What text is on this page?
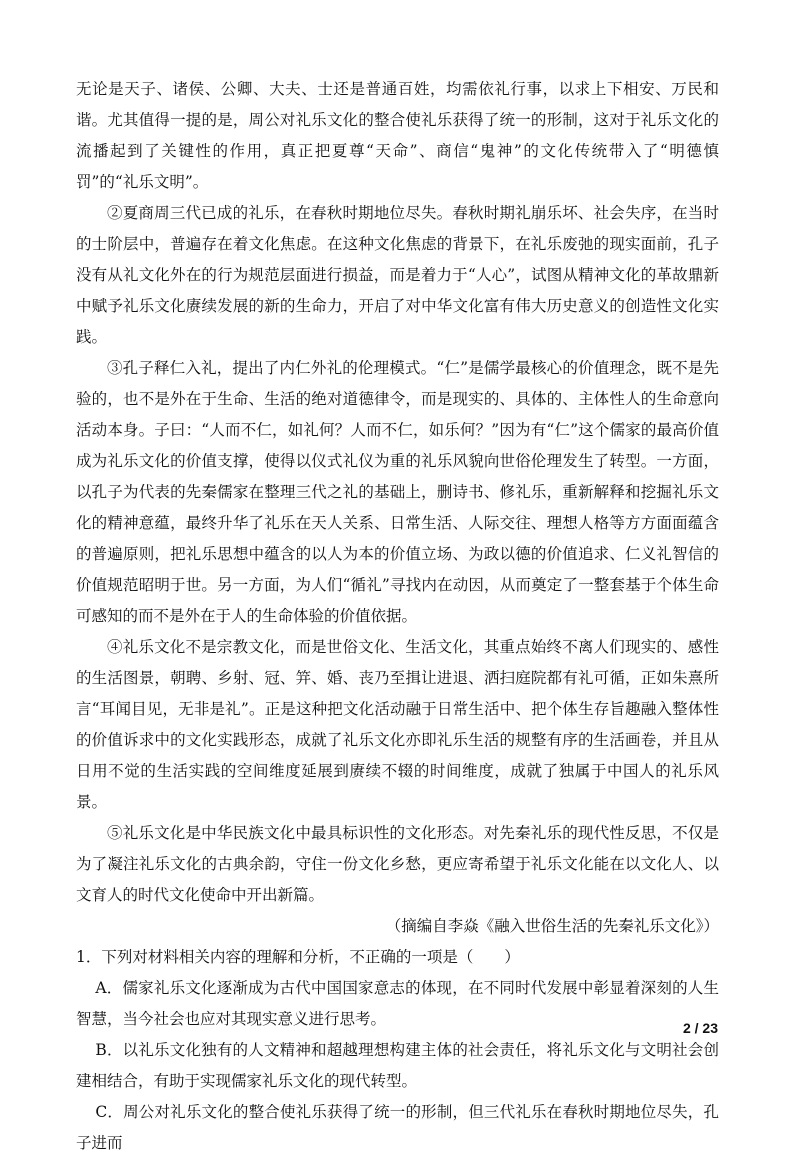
无论是天子、诸侯、公卿、大夫、士还是普通百姓，均需依礼行事，以求上下相安、万民和谐。尤其值得一提的是，周公对礼乐文化的整合使礼乐获得了统一的形制，这对于礼乐文化的流播起到了关键性的作用，真正把夏尊“天命”、商信“鬼神”的文化传统带入了“明德慎罚”的“礼乐文明”。

②夏商周三代已成的礼乐，在春秋时期地位尽失。春秋时期礼崩乐坏、社会失序，在当时的士阶层中，普遍存在着文化焦虑。在这种文化焦虑的背景下，在礼乐废弛的现实面前，孔子没有从礼文化外在的行为规范层面进行损益，而是着力于“人心”，试图从精神文化的革故鼎新中赋予礼乐文化赓续发展的新的生命力，开启了对中华文化富有伟大历史意义的创造性文化实践。

③孔子释仁入礼，提出了内仁外礼的伦理模式。“仁”是儒学最核心的价值理念，既不是先验的，也不是外在于生命、生活的绝对道德律令，而是现实的、具体的、主体性人的生命意向活动本身。子曰：“人而不仁，如礼何？人而不仁，如乐何？”因为有“仁”这个儒家的最高价值成为礼乐文化的价值支撑，使得以仪式礼仪为重的礼乐风貌向世俗伦理发生了转型。一方面，以孔子为代表的先秦儒家在整理三代之礼的基础上，删诗书、修礼乐，重新解释和挖掘礼乐文化的精神意蕴，最终升华了礼乐在天人关系、日常生活、人际交往、理想人格等方方面面蕴含的普遍原则，把礼乐思想中蕴含的以人为本的价值立场、为政以德的价值追求、仁义礼智信的价值规范昭明于世。另一方面，为人们“循礼”寻找内在动因，从而奠定了一整套基于个体生命可感知的而不是外在于人的生命体验的价值依据。

④礼乐文化不是宗教文化，而是世俗文化、生活文化，其重点始终不离人们现实的、感性的生活图景，朝聘、乡射、冠、笄、婚、丧乃至揖让进退、洒扫庭院都有礼可循，正如朱熹所言“耳闻目见，无非是礼”。正是这种把文化活动融于日常生活中、把个体生存旨趣融入整体性的价值诉求中的文化实践形态，成就了礼乐文化亦即礼乐生活的规整有序的生活画卷，并且从日用不觉的生活实践的空间维度延展到赓续不辍的时间维度，成就了独属于中国人的礼乐风景。

⑤礼乐文化是中华民族文化中最具标识性的文化形态。对先秦礼乐的现代性反思，不仅是为了凝注礼乐文化的古典余韵，守住一份文化乡愁，更应寄希望于礼乐文化能在以文化人、以文育人的时代文化使命中开出新篇。

（摘编自李焱《融入世俗生活的先秦礼乐文化》）

1．下列对材料相关内容的理解和分析，不正确的一项是（　　）

A．儒家礼乐文化逐渐成为古代中国国家意志的体现，在不同时代发展中彰显着深刻的人生智慧，当今社会也应对其现实意义进行思考。

B．以礼乐文化独有的人文精神和超越理想构建主体的社会责任，将礼乐文化与文明社会创建相结合，有助于实现儒家礼乐文化的现代转型。

C．周公对礼乐文化的整合使礼乐获得了统一的形制，但三代礼乐在春秋时期地位尽失，孔子进而

2 / 23
